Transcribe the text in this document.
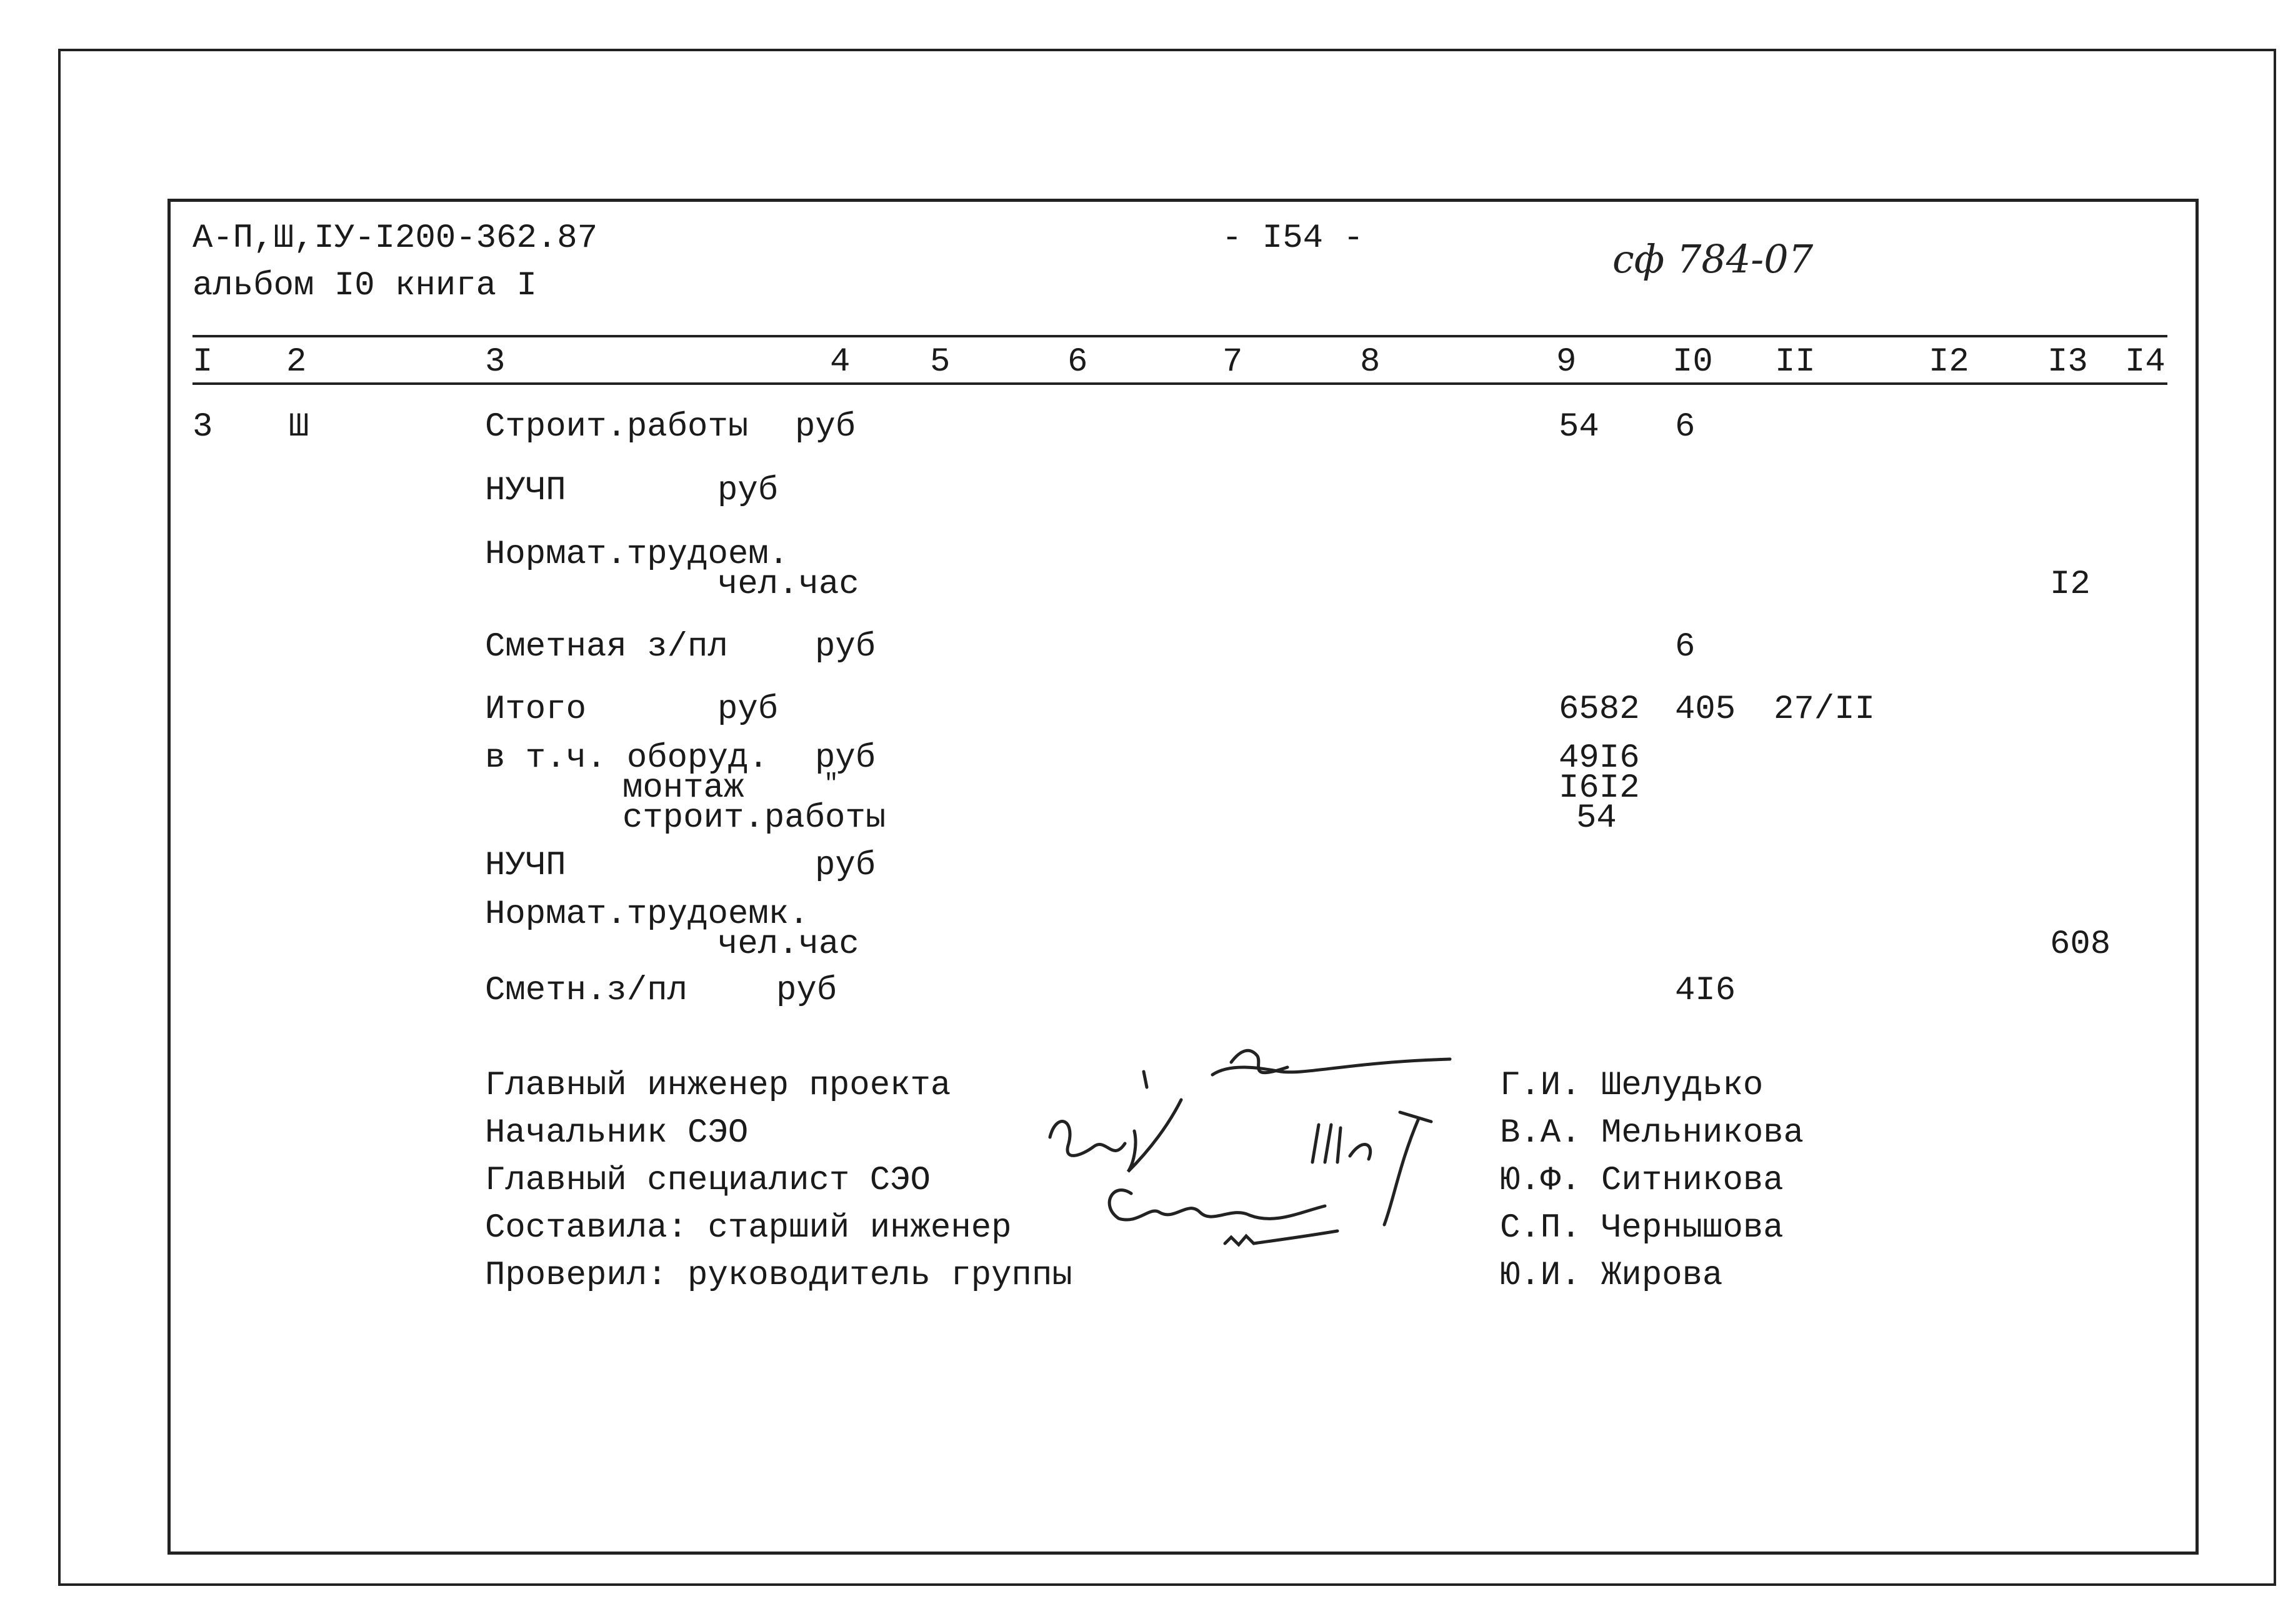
А-П,Ш,IУ-I200-362.87
альбом I0 книга I
- I54 -	сф 784-07
I 2	3	4 5	6	7	8	9	I0 II	I2 I3 I4
3 Ш	Строит.работы руб	54 6
НУЧП	руб
Нормат.трудоем.
чел.час	I2
Сметная з/пл	руб	6
Итого	руб	6582 405 27/II
в т.ч. оборуд. руб	49I6
монтаж	"	I6I2
строит.работы	54
НУЧП	руб
Нормат.трудоемк.
чел.час	608
Сметн.з/пл	руб	4I6
Главный инженер проекта	Г.И. Шелудько
Начальник СЭО	В.А. Мельникова
Главный специалист СЭО	Ю.Ф. Ситникова
Составила: старший инженер	С.П. Чернышова
Проверил: руководитель группы	Ю.И. Жирова
